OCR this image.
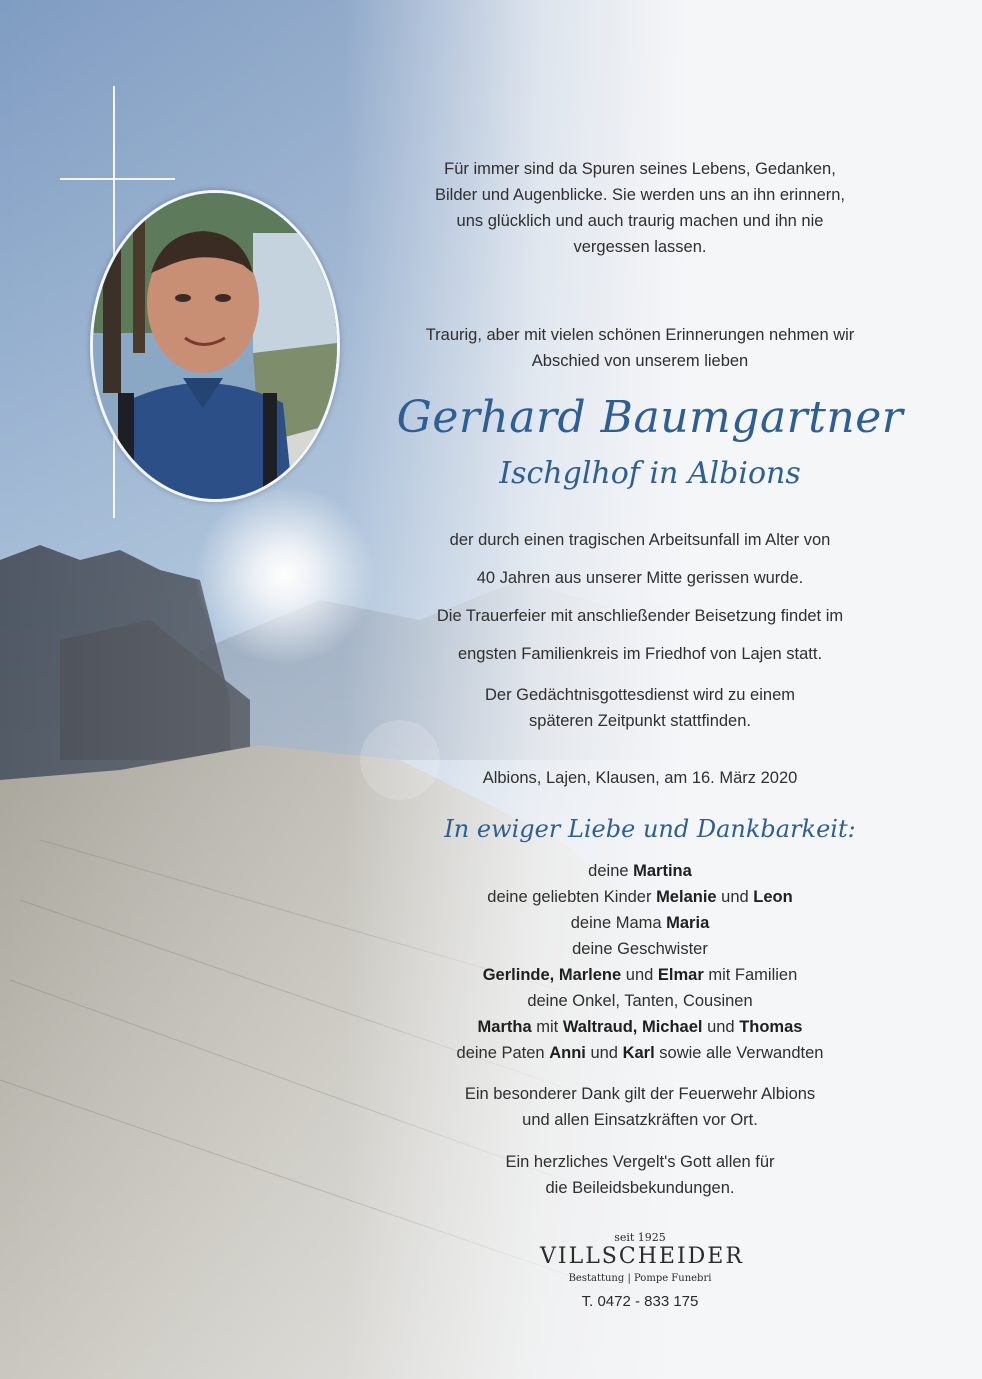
Für immer sind da Spuren seines Lebens, Gedanken,
Bilder und Augenblicke. Sie werden uns an ihn erinnern,
uns glücklich und auch traurig machen und ihn nie
vergessen lassen.
Traurig, aber mit vielen schönen Erinnerungen nehmen wir
Abschied von unserem lieben
Gerhard Baumgartner
Ischglhof in Albions
der durch einen tragischen Arbeitsunfall im Alter von
40 Jahren aus unserer Mitte gerissen wurde.
Die Trauerfeier mit anschließender Beisetzung findet im
engsten Familienkreis im Friedhof von Lajen statt.
Der Gedächtnisgottesdienst wird zu einem
späteren Zeitpunkt stattfinden.
Albions, Lajen, Klausen, am 16. März 2020
In ewiger Liebe und Dankbarkeit:
deine Martina
deine geliebten Kinder Melanie und Leon
deine Mama Maria
deine Geschwister
Gerlinde, Marlene und Elmar mit Familien
deine Onkel, Tanten, Cousinen
Martha mit Waltraud, Michael und Thomas
deine Paten Anni und Karl sowie alle Verwandten
Ein besonderer Dank gilt der Feuerwehr Albions
und allen Einsatzkräften vor Ort.
Ein herzliches Vergelt's Gott allen für
die Beileidsbekundungen.
seit 1925
VILLSCHEIDER
Bestattung | Pompe Funebri
T. 0472 - 833 175
